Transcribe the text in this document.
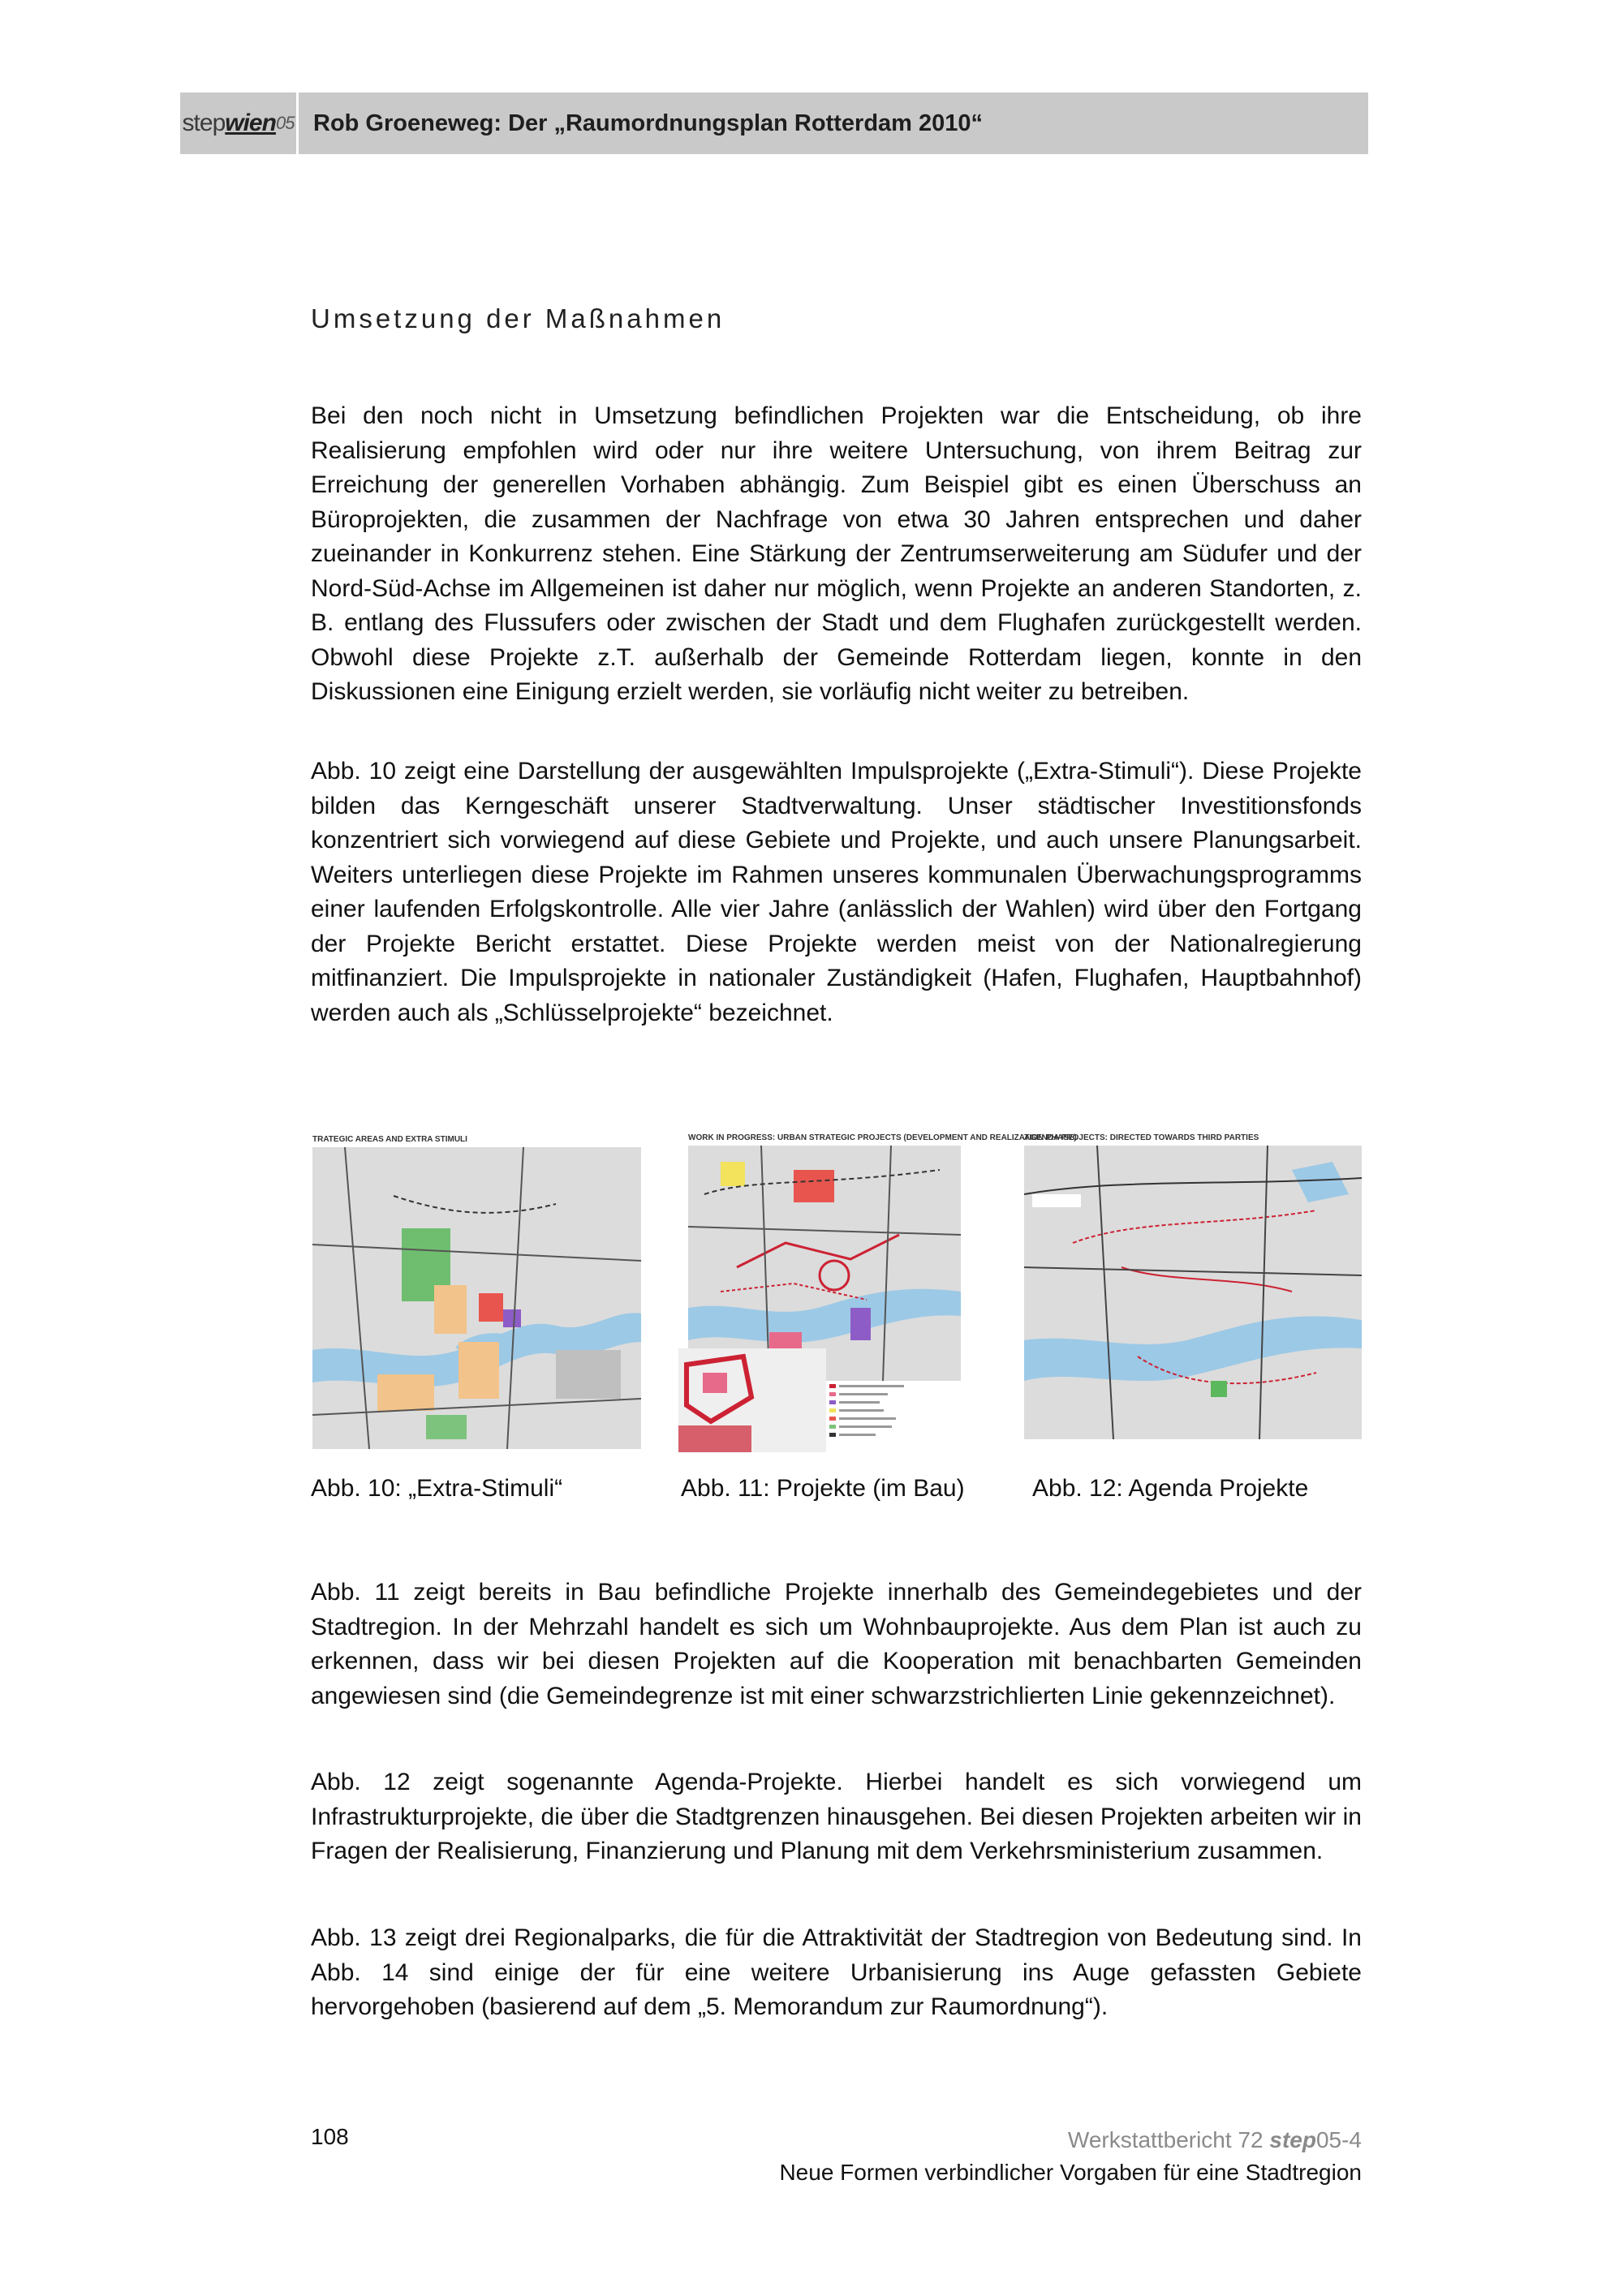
step wien 05 Rob Groeneweg: Der „Raumordnungsplan Rotterdam 2010“
Umsetzung der Maßnahmen

Bei den noch nicht in Umsetzung befindlichen Projekten war die Entscheidung, ob ihre Realisierung empfohlen wird oder nur ihre weitere Untersuchung, von ihrem Beitrag zur Erreichung der generellen Vorhaben abhängig. Zum Beispiel gibt es einen Überschuss an Büroprojekten, die zusammen der Nachfrage von etwa 30 Jahren entsprechen und daher zueinander in Konkurrenz stehen. Eine Stärkung der Zentrumserweiterung am Südufer und der Nord-Süd-Achse im Allgemeinen ist daher nur möglich, wenn Projekte an anderen Standorten, z. B. entlang des Flussufers oder zwischen der Stadt und dem Flughafen zurückgestellt werden. Obwohl diese Projekte z.T. außerhalb der Gemeinde Rotterdam liegen, konnte in den Diskussionen eine Einigung erzielt werden, sie vorläufig nicht weiter zu betreiben.

Abb. 10 zeigt eine Darstellung der ausgewählten Impulsprojekte („Extra-Stimuli“). Diese Projekte bilden das Kerngeschäft unserer Stadtverwaltung. Unser städtischer Investitionsfonds konzentriert sich vorwiegend auf diese Gebiete und Projekte, und auch unsere Planungsarbeit. Weiters unterliegen diese Projekte im Rahmen unseres kommunalen Überwachungsprogramms einer laufenden Erfolgskontrolle. Alle vier Jahre (anlässlich der Wahlen) wird über den Fortgang der Projekte Bericht erstattet. Diese Projekte werden meist von der Nationalregierung mitfinanziert. Die Impulsprojekte in nationaler Zuständigkeit (Hafen, Flughafen, Hauptbahnhof) werden auch als „Schlüsselprojekte“ bezeichnet.

TRATEGIC AREAS AND EXTRA STIMULI
Abb. 10: „Extra-Stimuli“
WORK IN PROGRESS: URBAN STRATEGIC PROJECTS (DEVELOPMENT AND REALIZATION PHASE)
Abb. 11: Projekte (im Bau)
AGENDA PROJECTS: DIRECTED TOWARDS THIRD PARTIES
Abb. 12: Agenda Projekte

Abb. 11 zeigt bereits in Bau befindliche Projekte innerhalb des Gemeindegebietes und der Stadtregion. In der Mehrzahl handelt es sich um Wohnbauprojekte. Aus dem Plan ist auch zu erkennen, dass wir bei diesen Projekten auf die Kooperation mit benachbarten Gemeinden angewiesen sind (die Gemeindegrenze ist mit einer schwarzstrichlierten Linie gekennzeichnet).

Abb. 12 zeigt sogenannte Agenda-Projekte. Hierbei handelt es sich vorwiegend um Infrastrukturprojekte, die über die Stadtgrenzen hinausgehen. Bei diesen Projekten arbeiten wir in Fragen der Realisierung, Finanzierung und Planung mit dem Verkehrsministerium zusammen.

Abb. 13 zeigt drei Regionalparks, die für die Attraktivität der Stadtregion von Bedeutung sind. In Abb. 14 sind einige der für eine weitere Urbanisierung ins Auge gefassten Gebiete hervorgehoben (basierend auf dem „5. Memorandum zur Raumordnung“).

108	Werkstattbericht 72 step05-4
Neue Formen verbindlicher Vorgaben für eine Stadtregion
